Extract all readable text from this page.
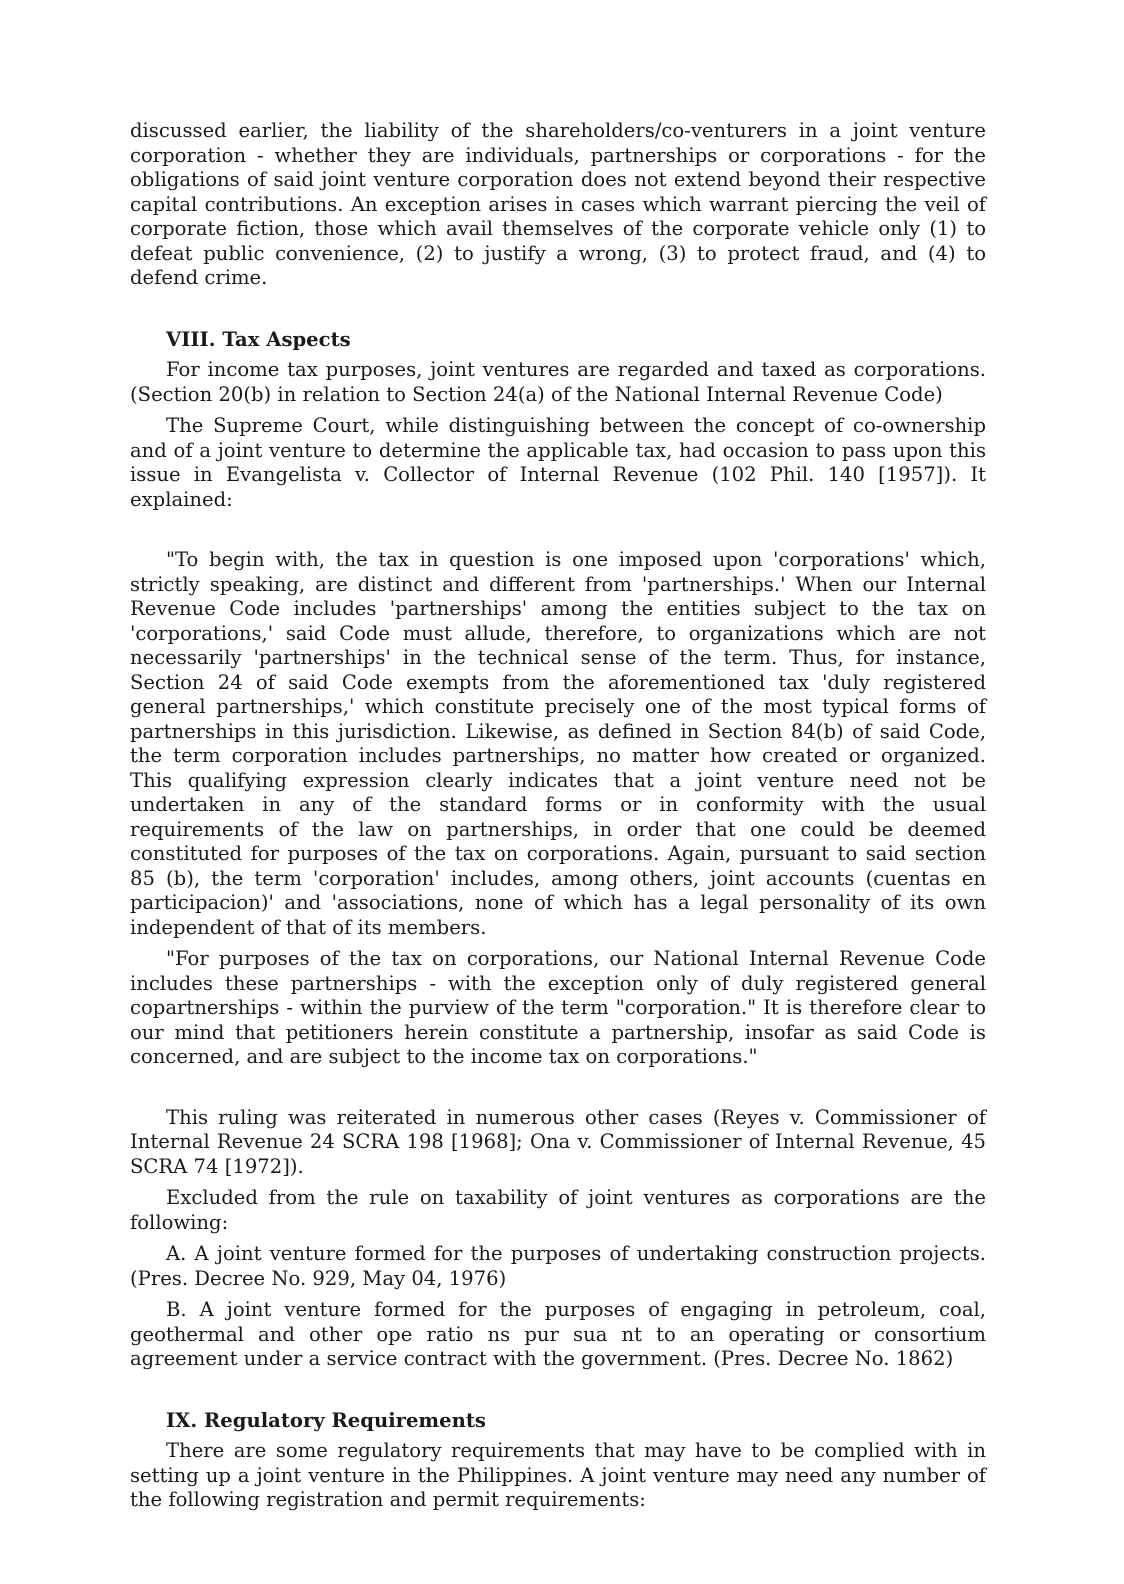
discussed earlier, the liability of the shareholders/co-venturers in a joint venture corporation - whether they are individuals, partnerships or corporations - for the obligations of said joint venture corporation does not extend beyond their respective capital contributions. An exception arises in cases which warrant piercing the veil of corporate fiction, those which avail themselves of the corporate vehicle only (1) to defeat public convenience, (2) to justify a wrong, (3) to protect fraud, and (4) to defend crime.

VIII. Tax Aspects

For income tax purposes, joint ventures are regarded and taxed as corporations. (Section 20(b) in relation to Section 24(a) of the National Internal Revenue Code)

The Supreme Court, while distinguishing between the concept of co-ownership and of a joint venture to determine the applicable tax, had occasion to pass upon this issue in Evangelista v. Collector of Internal Revenue (102 Phil. 140 [1957]). It explained:

"To begin with, the tax in question is one imposed upon 'corporations' which, strictly speaking, are distinct and different from 'partnerships.' When our Internal Revenue Code includes 'partnerships' among the entities subject to the tax on 'corporations,' said Code must allude, therefore, to organizations which are not necessarily 'partnerships' in the technical sense of the term. Thus, for instance, Section 24 of said Code exempts from the aforementioned tax 'duly registered general partnerships,' which constitute precisely one of the most typical forms of partnerships in this jurisdiction. Likewise, as defined in Section 84(b) of said Code, the term corporation includes partnerships, no matter how created or organized. This qualifying expression clearly indicates that a joint venture need not be undertaken in any of the standard forms or in conformity with the usual requirements of the law on partnerships, in order that one could be deemed constituted for purposes of the tax on corporations. Again, pursuant to said section 85 (b), the term 'corporation' includes, among others, joint accounts (cuentas en participacion)' and 'associations, none of which has a legal personality of its own independent of that of its members.

"For purposes of the tax on corporations, our National Internal Revenue Code includes these partnerships - with the exception only of duly registered general copartnerships - within the purview of the term "corporation." It is therefore clear to our mind that petitioners herein constitute a partnership, insofar as said Code is concerned, and are subject to the income tax on corporations."

This ruling was reiterated in numerous other cases (Reyes v. Commissioner of Internal Revenue 24 SCRA 198 [1968]; Ona v. Commissioner of Internal Revenue, 45 SCRA 74 [1972]).

Excluded from the rule on taxability of joint ventures as corporations are the following:

A. A joint venture formed for the purposes of undertaking construction projects. (Pres. Decree No. 929, May 04, 1976)

B. A joint venture formed for the purposes of engaging in petroleum, coal, geothermal and other ope ratio ns pur sua nt to an operating or consortium agreement under a service contract with the government. (Pres. Decree No. 1862)

IX. Regulatory Requirements

There are some regulatory requirements that may have to be complied with in setting up a joint venture in the Philippines. A joint venture may need any number of the following registration and permit requirements:
